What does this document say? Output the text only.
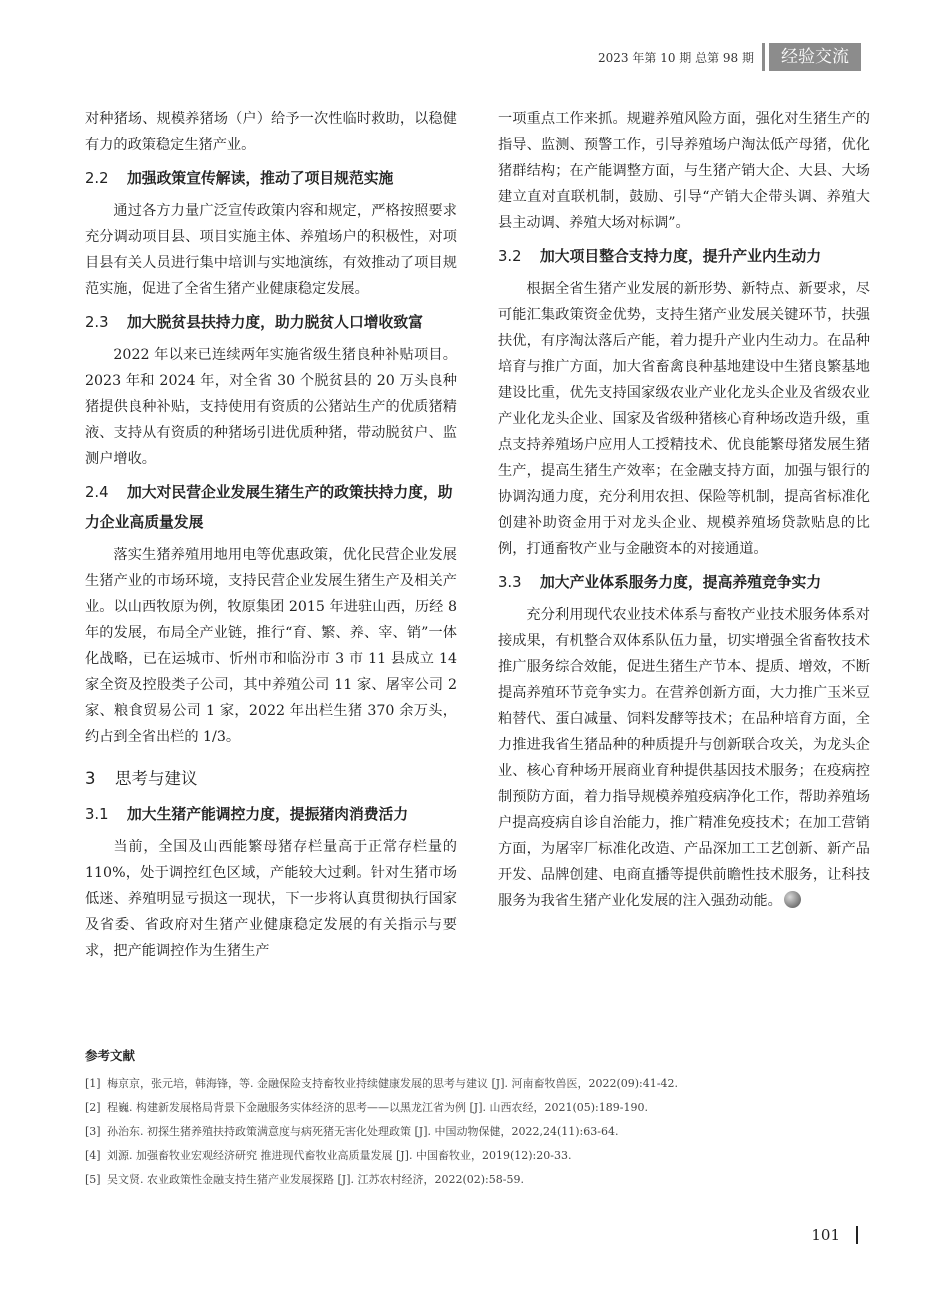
2023 年第 10 期 总第 98 期	经验交流

对种猪场、规模养猪场（户）给予一次性临时救助，以稳健有力的政策稳定生猪产业。

2.2 加强政策宣传解读，推动了项目规范实施

通过各方力量广泛宣传政策内容和规定，严格按照要求充分调动项目县、项目实施主体、养殖场户的积极性，对项目县有关人员进行集中培训与实地演练，有效推动了项目规范实施，促进了全省生猪产业健康稳定发展。

2.3 加大脱贫县扶持力度，助力脱贫人口增收致富

2022 年以来已连续两年实施省级生猪良种补贴项目。2023 年和 2024 年，对全省 30 个脱贫县的 20 万头良种猪提供良种补贴，支持使用有资质的公猪站生产的优质猪精液、支持从有资质的种猪场引进优质种猪，带动脱贫户、监测户增收。

2.4 加大对民营企业发展生猪生产的政策扶持力度，助力企业高质量发展

落实生猪养殖用地用电等优惠政策，优化民营企业发展生猪产业的市场环境，支持民营企业发展生猪生产及相关产业。以山西牧原为例，牧原集团 2015 年进驻山西，历经 8 年的发展，布局全产业链，推行“育、繁、养、宰、销”一体化战略，已在运城市、忻州市和临汾市 3 市 11 县成立 14 家全资及控股类子公司，其中养殖公司 11 家、屠宰公司 2 家、粮食贸易公司 1 家，2022 年出栏生猪 370 余万头，约占到全省出栏的 1/3。

3 思考与建议
3.1 加大生猪产能调控力度，提振猪肉消费活力

当前，全国及山西能繁母猪存栏量高于正常存栏量的 110%，处于调控红色区域，产能较大过剩。针对生猪市场低迷、养殖明显亏损这一现状，下一步将认真贯彻执行国家及省委、省政府对生猪产业健康稳定发展的有关指示与要求，把产能调控作为生猪生产

一项重点工作来抓。规避养殖风险方面，强化对生猪生产的指导、监测、预警工作，引导养殖场户淘汰低产母猪，优化猪群结构；在产能调整方面，与生猪产销大企、大县、大场建立直对直联机制，鼓励、引导“产销大企带头调、养殖大县主动调、养殖大场对标调”。

3.2 加大项目整合支持力度，提升产业内生动力

根据全省生猪产业发展的新形势、新特点、新要求，尽可能汇集政策资金优势，支持生猪产业发展关键环节，扶强扶优，有序淘汰落后产能，着力提升产业内生动力。在品种培育与推广方面，加大省畜禽良种基地建设中生猪良繁基地建设比重，优先支持国家级农业产业化龙头企业及省级农业产业化龙头企业、国家及省级种猪核心育种场改造升级，重点支持养殖场户应用人工授精技术、优良能繁母猪发展生猪生产，提高生猪生产效率；在金融支持方面，加强与银行的协调沟通力度，充分利用农担、保险等机制，提高省标准化创建补助资金用于对龙头企业、规模养殖场贷款贴息的比例，打通畜牧产业与金融资本的对接通道。

3.3 加大产业体系服务力度，提高养殖竞争实力

充分利用现代农业技术体系与畜牧产业技术服务体系对接成果，有机整合双体系队伍力量，切实增强全省畜牧技术推广服务综合效能，促进生猪生产节本、提质、增效，不断提高养殖环节竞争实力。在营养创新方面，大力推广玉米豆粕替代、蛋白减量、饲料发酵等技术；在品种培育方面，全力推进我省生猪品种的种质提升与创新联合攻关，为龙头企业、核心育种场开展商业育种提供基因技术服务；在疫病控制预防方面，着力指导规模养殖疫病净化工作，帮助养殖场户提高疫病自诊自治能力，推广精准免疫技术；在加工营销方面，为屠宰厂标准化改造、产品深加工工艺创新、新产品开发、品牌创建、电商直播等提供前瞻性技术服务，让科技服务为我省生猪产业化发展的注入强劲动能。

参考文献
[1] 梅京京，张元培，韩海锋，等. 金融保险支持畜牧业持续健康发展的思考与建议 [J]. 河南畜牧兽医，2022(09):41-42.
[2] 程巍. 构建新发展格局背景下金融服务实体经济的思考——以黑龙江省为例 [J]. 山西农经，2021(05):189-190.
[3] 孙治东. 初探生猪养殖扶持政策满意度与病死猪无害化处理政策 [J]. 中国动物保健，2022,24(11):63-64.
[4] 刘源. 加强畜牧业宏观经济研究 推进现代畜牧业高质量发展 [J]. 中国畜牧业，2019(12):20-33.
[5] 吴文贤. 农业政策性金融支持生猪产业发展探路 [J]. 江苏农村经济，2022(02):58-59.
101
